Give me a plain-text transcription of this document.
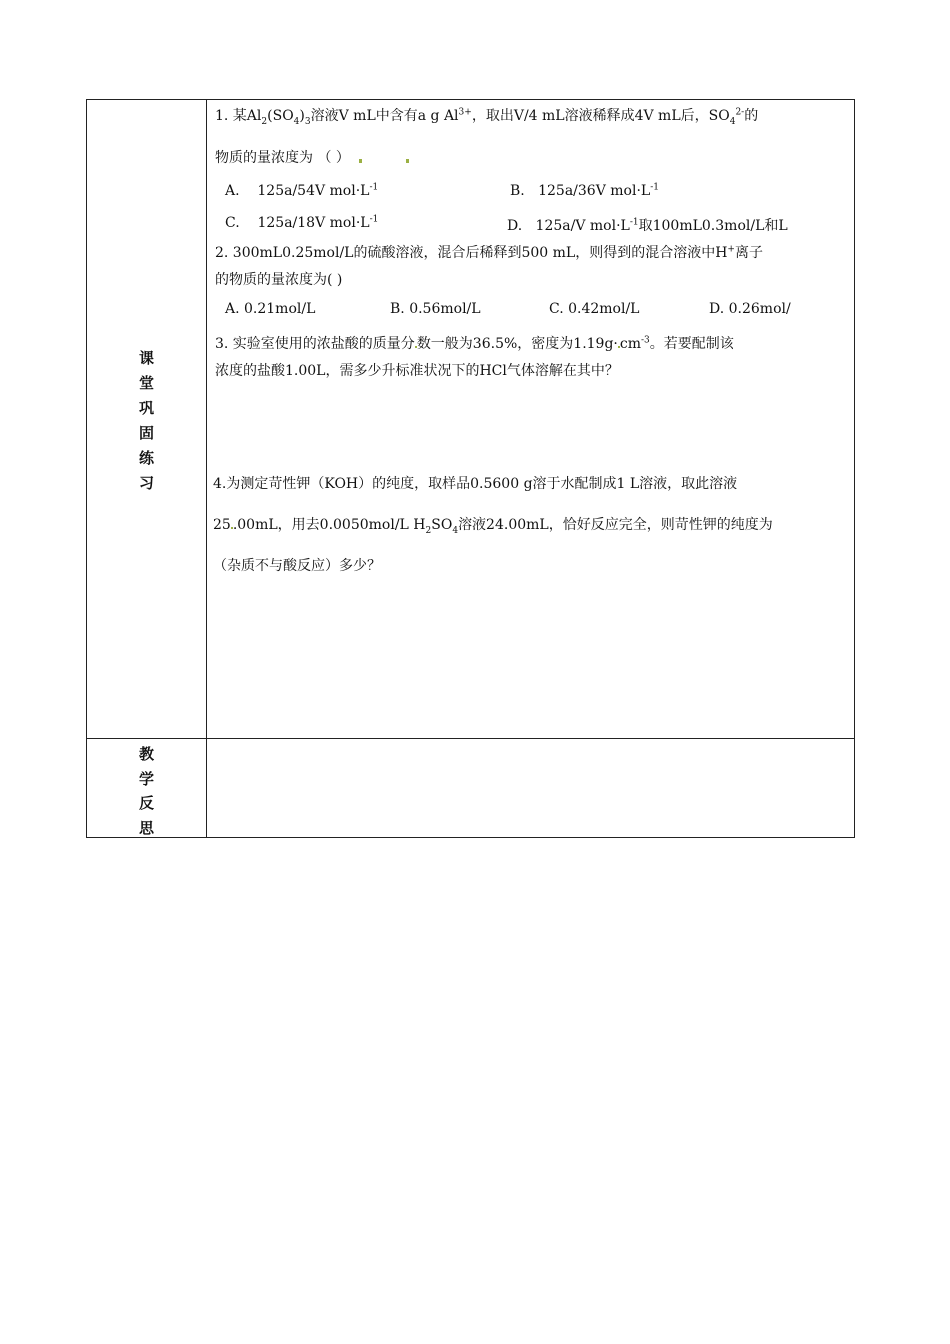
课
堂
巩
固
练
习
教
学
反
思
1. 某$Al_2(SO_4)_3$溶液V mL中含有a g $Al^{3+}$，取出V/4 mL溶液稀释成4V mL后，$SO_4^{2-}$的
物质的量浓度为 （ ）
A. 125a/54V $mol\cdot L^{-1}$	B. 125a/36V $mol\cdot L^{-1}$
C. 125a/18V $mol\cdot L^{-1}$	D. 125a/V $mol\cdot L^{-1}$取100mL0.3mol/L和L
2. 300mL0.25mol/L的硫酸溶液，混合后稀释到500 mL，则得到的混合溶液中H+离子
的物质的量浓度为( )
A. 0.21mol/L	B. 0.56mol/L	C. 0.42mol/L	D. 0.26mol/
3. 实验室使用的浓盐酸的质量分 数一般为36.5%，密度为$1.19g\cdot cm^{-3}$。若要配制该
浓度的盐酸1.00L，需多少升标准状况下的HCl气体溶解在其中？
4.为测定苛性钾（KOH）的纯度，取样品0.5600 g溶于水配制成1 L溶液，取此溶液
25 .00mL，用去0.0050mol/L $H_2SO_4$溶液24.00mL，恰好反应完全，则苛性钾的纯度为
（杂质不与酸反应）多少？
